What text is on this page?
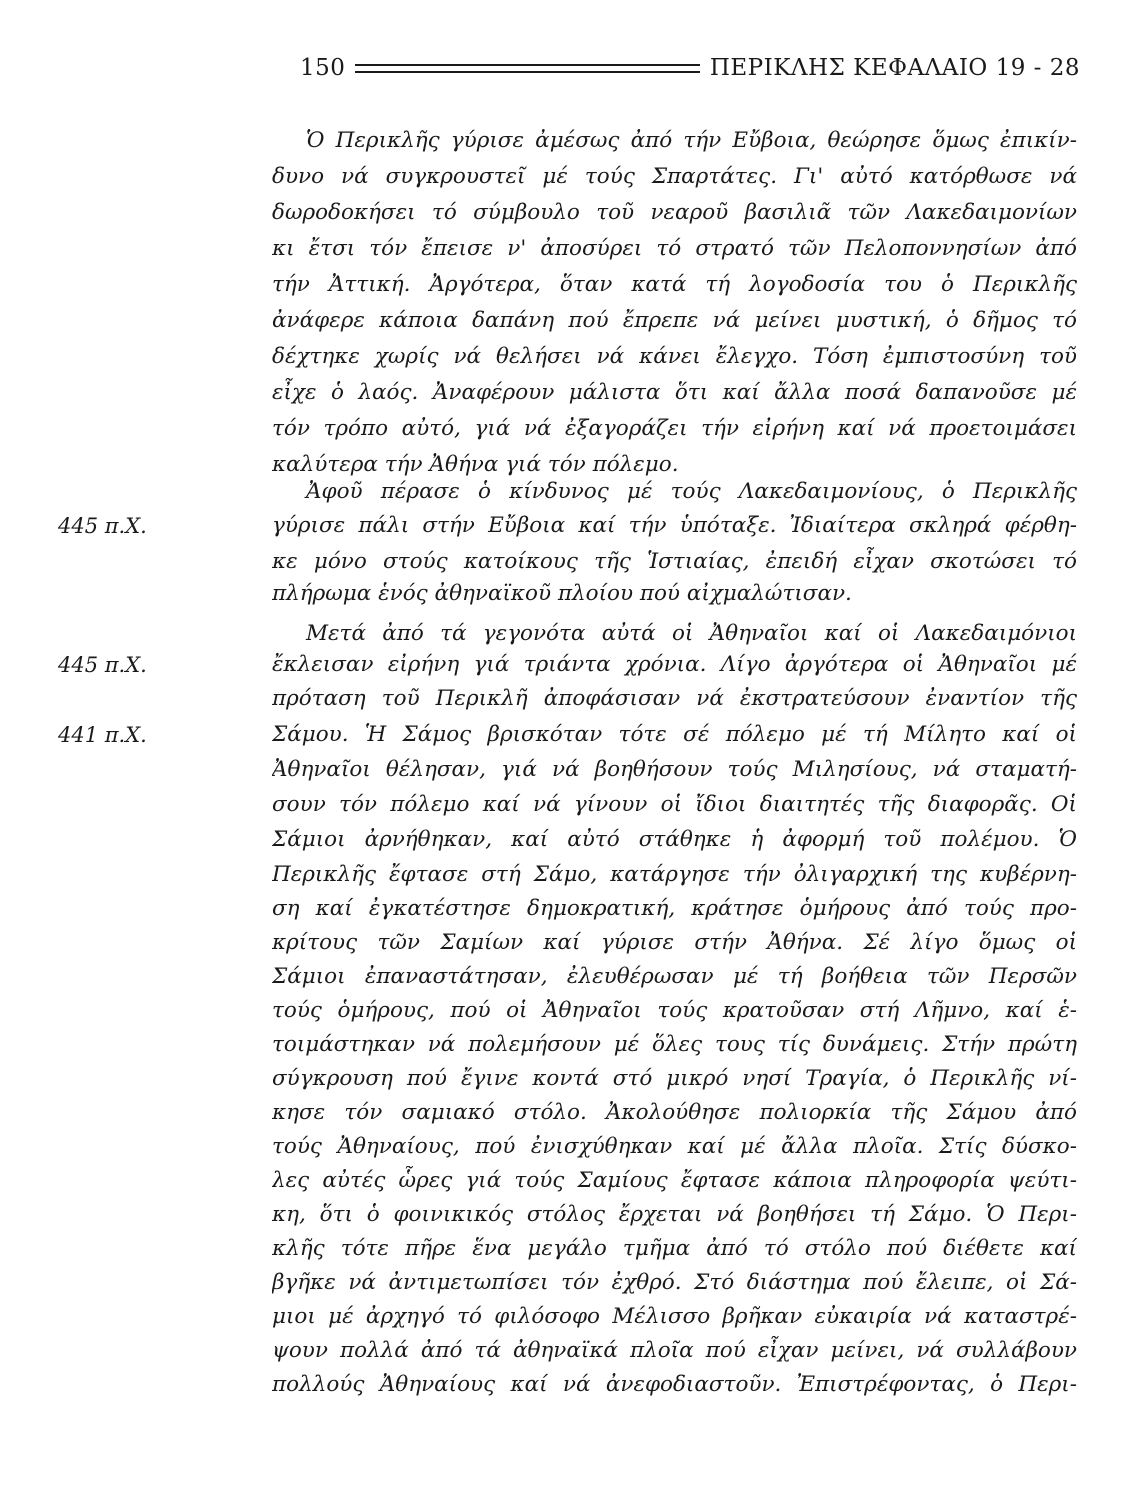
150	ΠΕΡΙΚΛΗΣ ΚΕΦΑΛΑΙΟ 19 - 28
445 π.Χ.
445 π.Χ.
441 π.Χ.
Ὁ Περικλῆς γύρισε ἀμέσως ἀπό τήν Εὔβοια, θεώρησε ὅμως ἐπικίν-
δυνο νά συγκρουστεῖ μέ τούς Σπαρτάτες. Γι' αὐτό κατόρθωσε νά
δωροδοκήσει τό σύμβουλο τοῦ νεαροῦ βασιλιᾶ τῶν Λακεδαιμονίων
κι ἔτσι τόν ἔπεισε ν' ἀποσύρει τό στρατό τῶν Πελοποννησίων ἀπό
τήν Ἀττική. Ἀργότερα, ὅταν κατά τή λογοδοσία του ὁ Περικλῆς
ἀνάφερε κάποια δαπάνη πού ἔπρεπε νά μείνει μυστική, ὁ δῆμος τό
δέχτηκε χωρίς νά θελήσει νά κάνει ἔλεγχο. Τόση ἐμπιστοσύνη τοῦ
εἶχε ὁ λαός. Ἀναφέρουν μάλιστα ὅτι καί ἄλλα ποσά δαπανοῦσε μέ
τόν τρόπο αὐτό, γιά νά ἐξαγοράζει τήν εἰρήνη καί νά προετοιμάσει
καλύτερα τήν Ἀθήνα γιά τόν πόλεμο.
Ἀφοῦ πέρασε ὁ κίνδυνος μέ τούς Λακεδαιμονίους, ὁ Περικλῆς
γύρισε πάλι στήν Εὔβοια καί τήν ὑπόταξε. Ἰδιαίτερα σκληρά φέρθη-
κε μόνο στούς κατοίκους τῆς Ἱστιαίας, ἐπειδή εἶχαν σκοτώσει τό
πλήρωμα ἑνός ἀθηναϊκοῦ πλοίου πού αἰχμαλώτισαν.
Μετά ἀπό τά γεγονότα αὐτά οἱ Ἀθηναῖοι καί οἱ Λακεδαιμόνιοι
ἔκλεισαν εἰρήνη γιά τριάντα χρόνια. Λίγο ἀργότερα οἱ Ἀθηναῖοι μέ
πρόταση τοῦ Περικλῆ ἀποφάσισαν νά ἐκστρατεύσουν ἐναντίον τῆς
Σάμου. Ἡ Σάμος βρισκόταν τότε σέ πόλεμο μέ τή Μίλητο καί οἱ
Ἀθηναῖοι θέλησαν, γιά νά βοηθήσουν τούς Μιλησίους, νά σταματή-
σουν τόν πόλεμο καί νά γίνουν οἱ ἴδιοι διαιτητές τῆς διαφορᾶς. Οἱ
Σάμιοι ἀρνήθηκαν, καί αὐτό στάθηκε ἡ ἀφορμή τοῦ πολέμου. Ὁ
Περικλῆς ἔφτασε στή Σάμο, κατάργησε τήν ὀλιγαρχική της κυβέρνη-
ση καί ἐγκατέστησε δημοκρατική, κράτησε ὁμήρους ἀπό τούς προ-
κρίτους τῶν Σαμίων καί γύρισε στήν Ἀθήνα. Σέ λίγο ὅμως οἱ
Σάμιοι ἐπαναστάτησαν, ἐλευθέρωσαν μέ τή βοήθεια τῶν Περσῶν
τούς ὁμήρους, πού οἱ Ἀθηναῖοι τούς κρατοῦσαν στή Λῆμνο, καί ἑ-
τοιμάστηκαν νά πολεμήσουν μέ ὅλες τους τίς δυνάμεις. Στήν πρώτη
σύγκρουση πού ἔγινε κοντά στό μικρό νησί Τραγία, ὁ Περικλῆς νί-
κησε τόν σαμιακό στόλο. Ἀκολούθησε πολιορκία τῆς Σάμου ἀπό
τούς Ἀθηναίους, πού ἐνισχύθηκαν καί μέ ἄλλα πλοῖα. Στίς δύσκο-
λες αὐτές ὧρες γιά τούς Σαμίους ἔφτασε κάποια πληροφορία ψεύτι-
κη, ὅτι ὁ φοινικικός στόλος ἔρχεται νά βοηθήσει τή Σάμο. Ὁ Περι-
κλῆς τότε πῆρε ἕνα μεγάλο τμῆμα ἀπό τό στόλο πού διέθετε καί
βγῆκε νά ἀντιμετωπίσει τόν ἐχθρό. Στό διάστημα πού ἔλειπε, οἱ Σά-
μιοι μέ ἀρχηγό τό φιλόσοφο Μέλισσο βρῆκαν εὐκαιρία νά καταστρέ-
ψουν πολλά ἀπό τά ἀθηναϊκά πλοῖα πού εἶχαν μείνει, νά συλλάβουν
πολλούς Ἀθηναίους καί νά ἀνεφοδιαστοῦν. Ἐπιστρέφοντας, ὁ Περι-
